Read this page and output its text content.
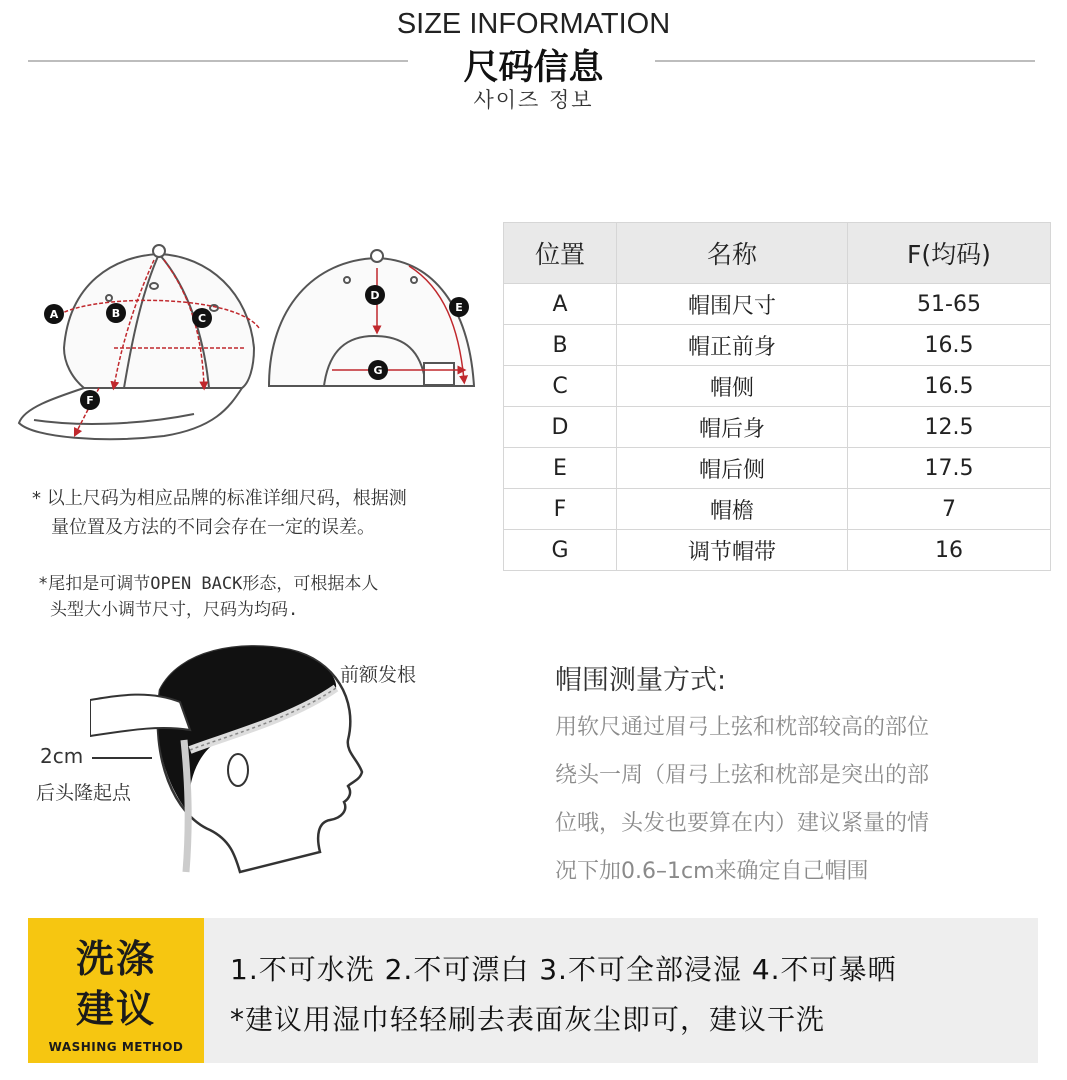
SIZE INFORMATION
尺码信息
사이즈 정보
A	B	C
D
E
F
G
位置	名称	F(均码)
A	帽围尺寸	51-65
B	帽正前身	16.5
C	帽侧	16.5
D	帽后身	12.5
E	帽后侧	17.5
F	帽檐	7
G	调节帽带	16
* 以上尺码为相应品牌的标准详细尺码，根据测
量位置及方法的不同会存在一定的误差。
*尾扣是可调节OPEN BACK形态，可根据本人
头型大小调节尺寸，尺码为均码.
前额发根
2cm
后头隆起点
帽围测量方式:
用软尺通过眉弓上弦和枕部较高的部位
绕头一周（眉弓上弦和枕部是突出的部
位哦，头发也要算在内）建议紧量的情
况下加0.6–1cm来确定自己帽围
洗涤
建议
WASHING METHOD
1.不可水洗 2.不可漂白 3.不可全部浸湿 4.不可暴晒
*建议用湿巾轻轻刷去表面灰尘即可，建议干洗
